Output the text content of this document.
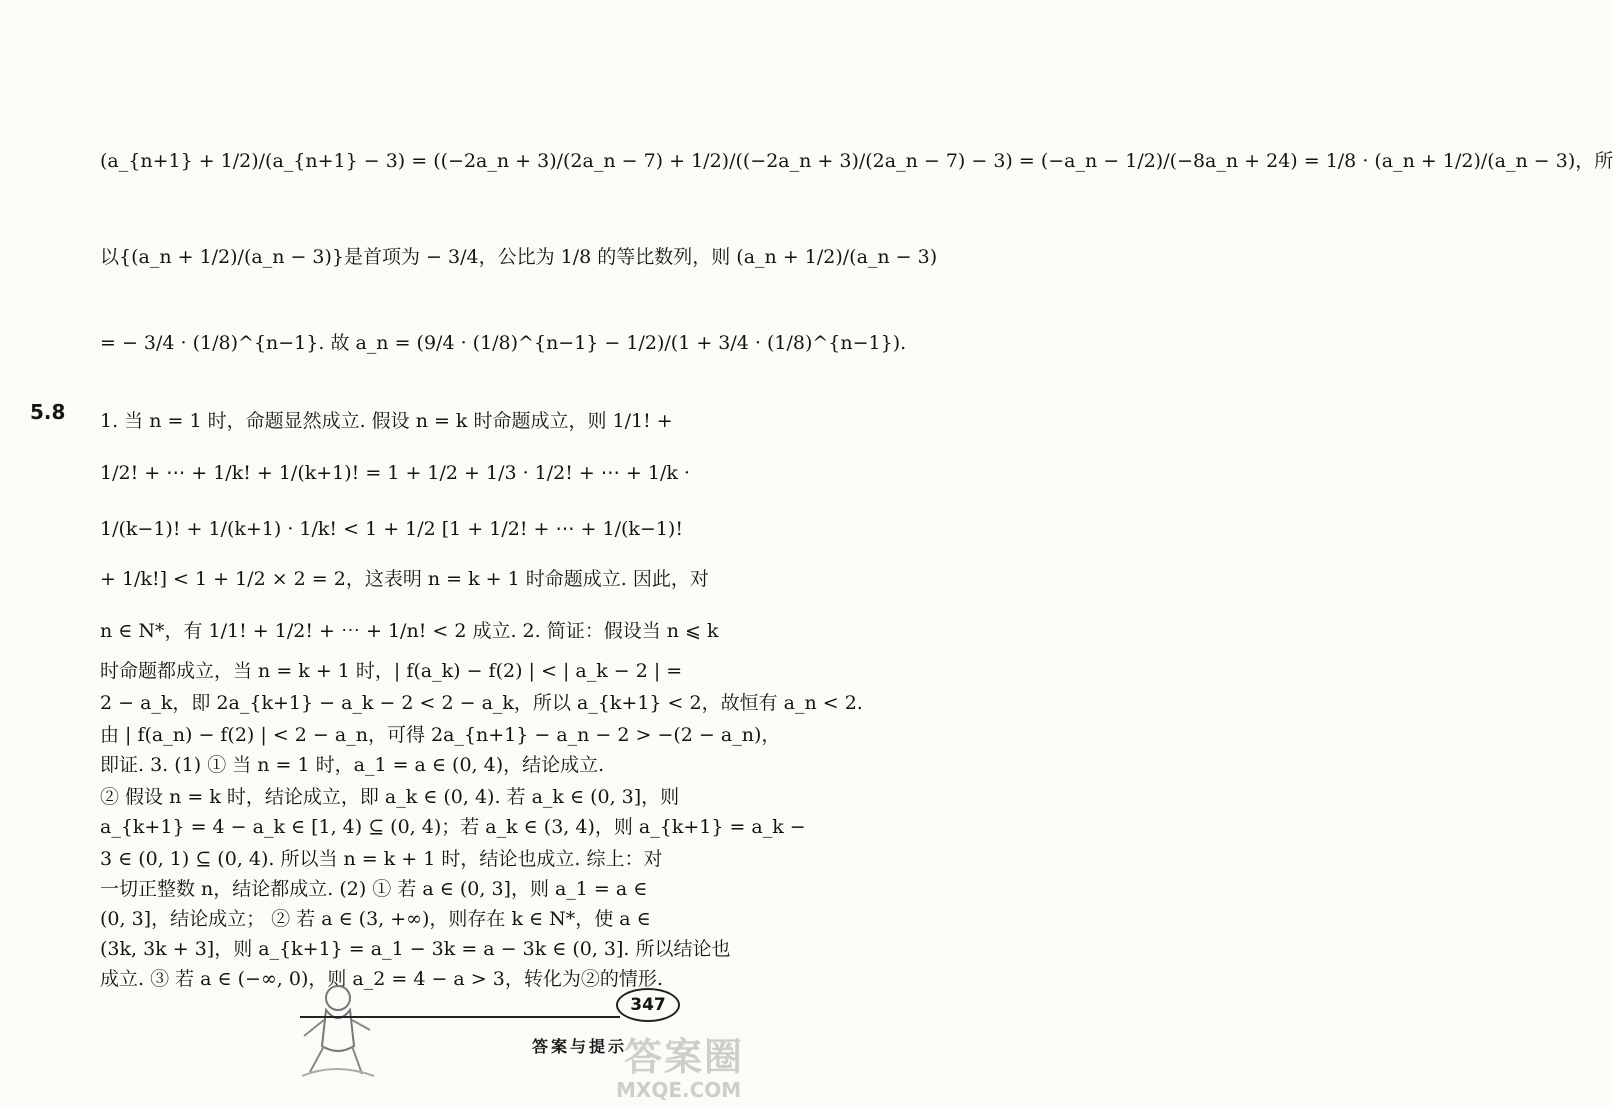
(a_{n+1} + 1/2)/(a_{n+1} − 3) = ((−2a_n + 3)/(2a_n − 7) + 1/2)/((−2a_n + 3)/(2a_n − 7) − 3) = (−a_n − 1/2)/(−8a_n + 24) = 1/8 · (a_n + 1/2)/(a_n − 3)，所
以{(a_n + 1/2)/(a_n − 3)}是首项为 − 3/4，公比为 1/8 的等比数列，则 (a_n + 1/2)/(a_n − 3)
= − 3/4 · (1/8)^{n−1}. 故 a_n = (9/4 · (1/8)^{n−1} − 1/2)/(1 + 3/4 · (1/8)^{n−1}).
5.8 1. 当 n = 1 时，命题显然成立. 假设 n = k 时命题成立，则 1/1! +
1/2! + ⋯ + 1/k! + 1/(k+1)! = 1 + 1/2 + 1/3 · 1/2! + ⋯ + 1/k ·
1/(k−1)! + 1/(k+1) · 1/k! < 1 + 1/2 [1 + 1/2! + ⋯ + 1/(k−1)!
+ 1/k!] < 1 + 1/2 × 2 = 2，这表明 n = k + 1 时命题成立. 因此，对
n ∈ N*，有 1/1! + 1/2! + ⋯ + 1/n! < 2 成立. 2. 简证：假设当 n ⩽ k
时命题都成立，当 n = k + 1 时，| f(a_k) − f(2) | < | a_k − 2 | =
2 − a_k，即 2a_{k+1} − a_k − 2 < 2 − a_k，所以 a_{k+1} < 2，故恒有 a_n < 2.
由 | f(a_n) − f(2) | < 2 − a_n，可得 2a_{n+1} − a_n − 2 > −(2 − a_n)，
即证. 3. (1) ① 当 n = 1 时，a_1 = a ∈ (0, 4)，结论成立.
② 假设 n = k 时，结论成立，即 a_k ∈ (0, 4). 若 a_k ∈ (0, 3]，则
a_{k+1} = 4 − a_k ∈ [1, 4) ⊆ (0, 4)；若 a_k ∈ (3, 4)，则 a_{k+1} = a_k −
3 ∈ (0, 1) ⊆ (0, 4). 所以当 n = k + 1 时，结论也成立. 综上：对
一切正整数 n，结论都成立. (2) ① 若 a ∈ (0, 3]，则 a_1 = a ∈
(0, 3]，结论成立； ② 若 a ∈ (3, +∞)，则存在 k ∈ N*，使 a ∈
(3k, 3k + 3]，则 a_{k+1} = a_1 − 3k = a − 3k ∈ (0, 3]. 所以结论也
成立. ③ 若 a ∈ (−∞, 0)，则 a_2 = 4 − a > 3，转化为②的情形.
347
答案与提示
答案圈
MXQE.COM
